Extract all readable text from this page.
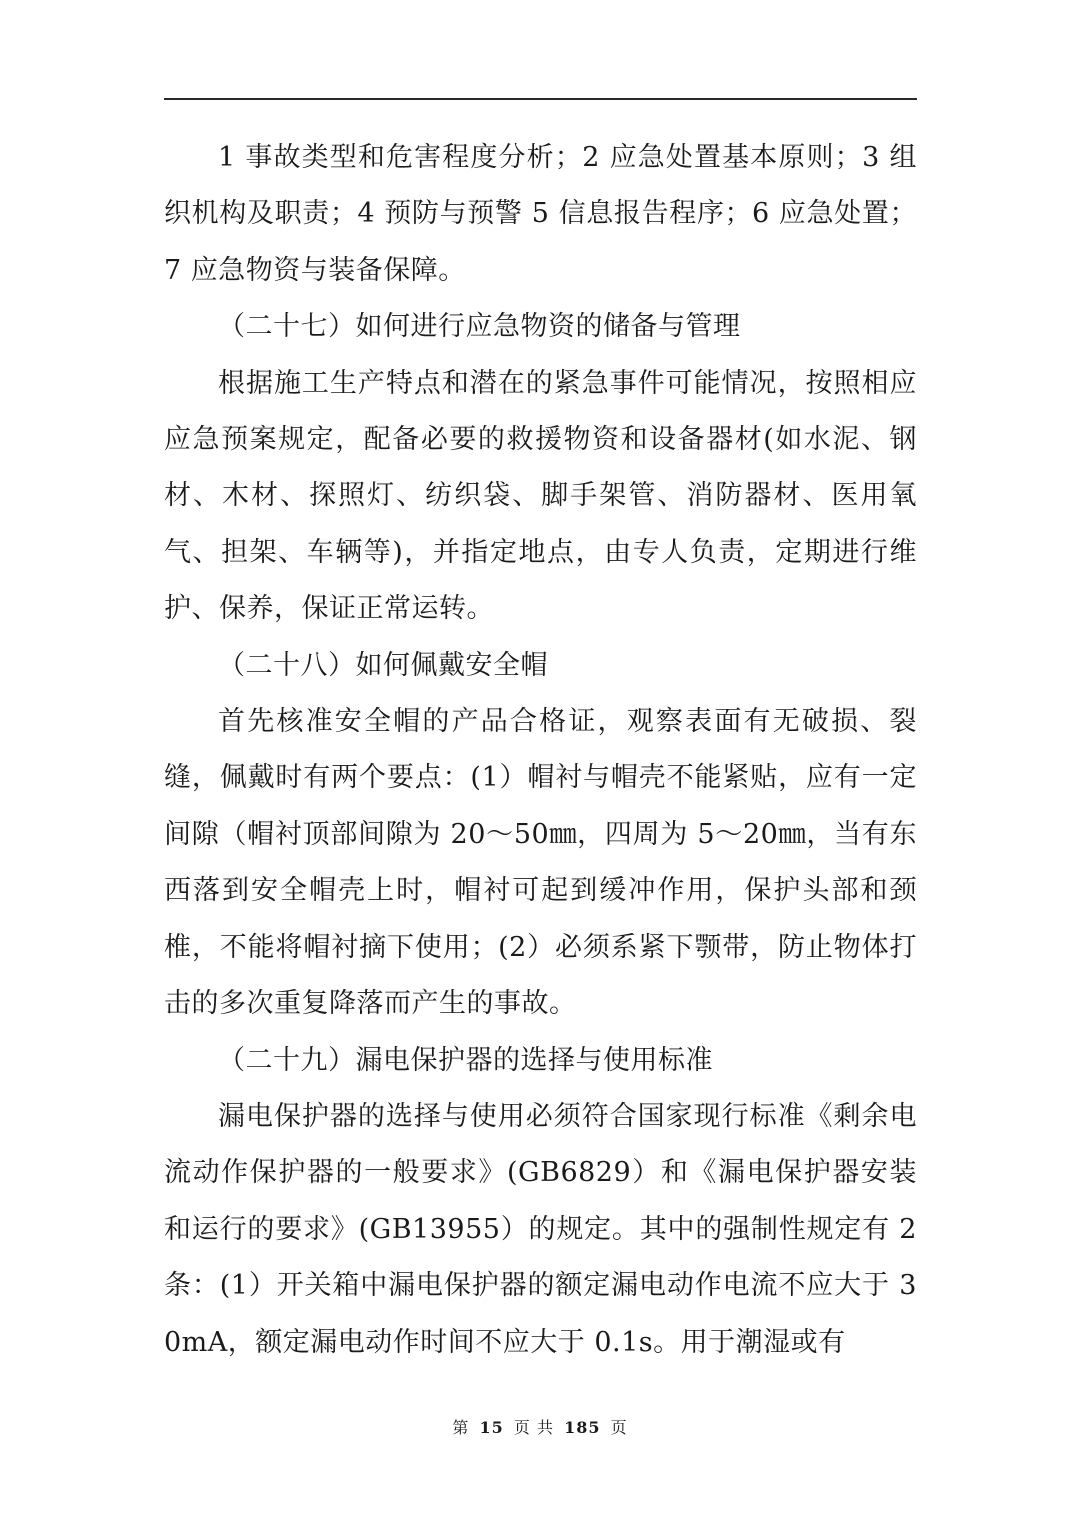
1 事故类型和危害程度分析；2 应急处置基本原则；3 组织机构及职责；4 预防与预警 5 信息报告程序；6 应急处置；7 应急物资与装备保障。

（二十七）如何进行应急物资的储备与管理

根据施工生产特点和潜在的紧急事件可能情况，按照相应应急预案规定，配备必要的救援物资和设备器材(如水泥、钢材、木材、探照灯、纺织袋、脚手架管、消防器材、医用氧气、担架、车辆等)，并指定地点，由专人负责，定期进行维护、保养，保证正常运转。

（二十八）如何佩戴安全帽

首先核准安全帽的产品合格证，观察表面有无破损、裂缝，佩戴时有两个要点：(1）帽衬与帽壳不能紧贴，应有一定间隙（帽衬顶部间隙为 20～50㎜，四周为 5～20㎜，当有东西落到安全帽壳上时，帽衬可起到缓冲作用，保护头部和颈椎，不能将帽衬摘下使用；(2）必须系紧下颚带，防止物体打击的多次重复降落而产生的事故。

（二十九）漏电保护器的选择与使用标准

漏电保护器的选择与使用必须符合国家现行标准《剩余电流动作保护器的一般要求》(GB6829）和《漏电保护器安装和运行的要求》(GB13955）的规定。其中的强制性规定有 2 条：(1）开关箱中漏电保护器的额定漏电动作电流不应大于 30mA，额定漏电动作时间不应大于 0.1s。用于潮湿或有

第 15 页 共 185 页
